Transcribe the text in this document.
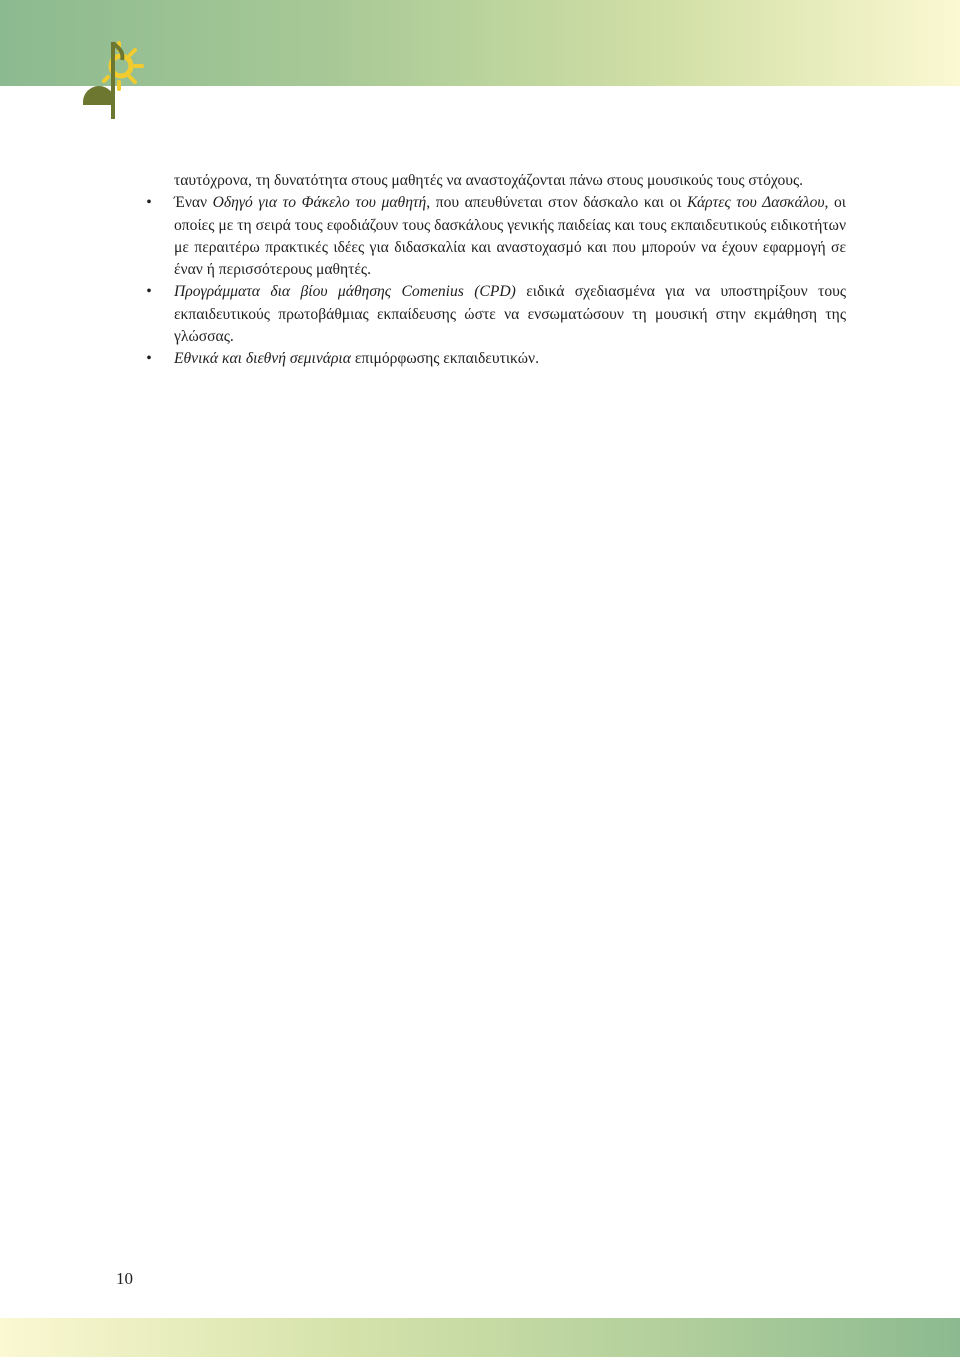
ταυτόχρονα, τη δυνατότητα στους μαθητές να αναστοχάζονται πάνω στους μουσικούς τους στόχους.

• Έναν Οδηγό για το Φάκελο του μαθητή, που απευθύνεται στον δάσκαλο και οι Κάρτες του Δασκάλου, οι οποίες με τη σειρά τους εφοδιάζουν τους δασκάλους γενικής παιδείας και τους εκπαιδευτικούς ειδικοτήτων με περαιτέρω πρακτικές ιδέες για διδασκαλία και αναστοχασμό και που μπορούν να έχουν εφαρμογή σε έναν ή περισσότερους μαθητές.
• Προγράμματα δια βίου μάθησης Comenius (CPD) ειδικά σχεδιασμένα για να υποστηρίξουν τους εκπαιδευτικούς πρωτοβάθμιας εκπαίδευσης ώστε να ενσωματώσουν τη μουσική στην εκμάθηση της γλώσσας.
• Εθνικά και διεθνή σεμινάρια επιμόρφωσης εκπαιδευτικών.
10
